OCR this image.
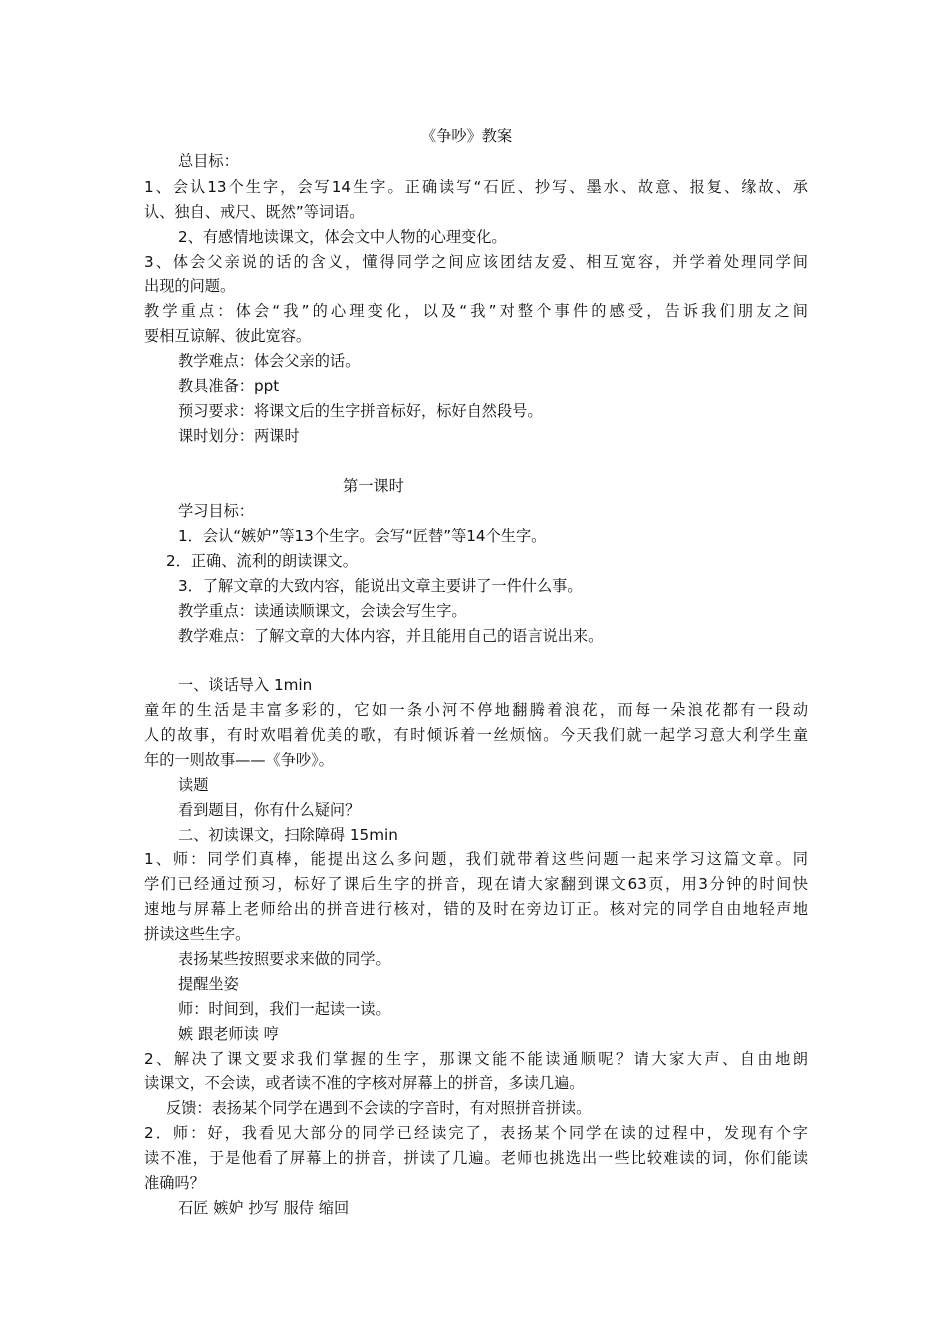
《争吵》教案
总目标：
1、会认13个生字，会写14生字。正确读写“石匠、抄写、墨水、故意、报复、缘故、承
认、独自、戒尺、既然”等词语。
2、有感情地读课文，体会文中人物的心理变化。
3、体会父亲说的话的含义，懂得同学之间应该团结友爱、相互宽容，并学着处理同学间
出现的问题。
教学重点：体会“我”的心理变化，以及“我”对整个事件的感受，告诉我们朋友之间
要相互谅解、彼此宽容。
教学难点：体会父亲的话。
教具准备：ppt
预习要求：将课文后的生字拼音标好，标好自然段号。
课时划分：两课时
第一课时
学习目标：
1．会认“嫉妒”等13个生字。会写“匠替”等14个生字。
2．正确、流利的朗读课文。
3．了解文章的大致内容，能说出文章主要讲了一件什么事。
教学重点：读通读顺课文，会读会写生字。
教学难点：了解文章的大体内容，并且能用自己的语言说出来。
一、谈话导入 1min
童年的生活是丰富多彩的，它如一条小河不停地翻腾着浪花，而每一朵浪花都有一段动
人的故事，有时欢唱着优美的歌，有时倾诉着一丝烦恼。今天我们就一起学习意大利学生童
年的一则故事——《争吵》。
读题
看到题目，你有什么疑问？
二、初读课文，扫除障碍 15min
1、师：同学们真棒，能提出这么多问题，我们就带着这些问题一起来学习这篇文章。同
学们已经通过预习，标好了课后生字的拼音，现在请大家翻到课文63页，用3分钟的时间快
速地与屏幕上老师给出的拼音进行核对，错的及时在旁边订正。核对完的同学自由地轻声地
拼读这些生字。
表扬某些按照要求来做的同学。
提醒坐姿
师：时间到，我们一起读一读。
嫉 跟老师读 哼
2、解决了课文要求我们掌握的生字，那课文能不能读通顺呢？请大家大声、自由地朗
读课文，不会读，或者读不准的字核对屏幕上的拼音，多读几遍。
反馈：表扬某个同学在遇到不会读的字音时，有对照拼音拼读。
2．师：好，我看见大部分的同学已经读完了，表扬某个同学在读的过程中，发现有个字
读不准，于是他看了屏幕上的拼音，拼读了几遍。老师也挑选出一些比较难读的词，你们能读
准确吗？
石匠 嫉妒 抄写 服侍 缩回
